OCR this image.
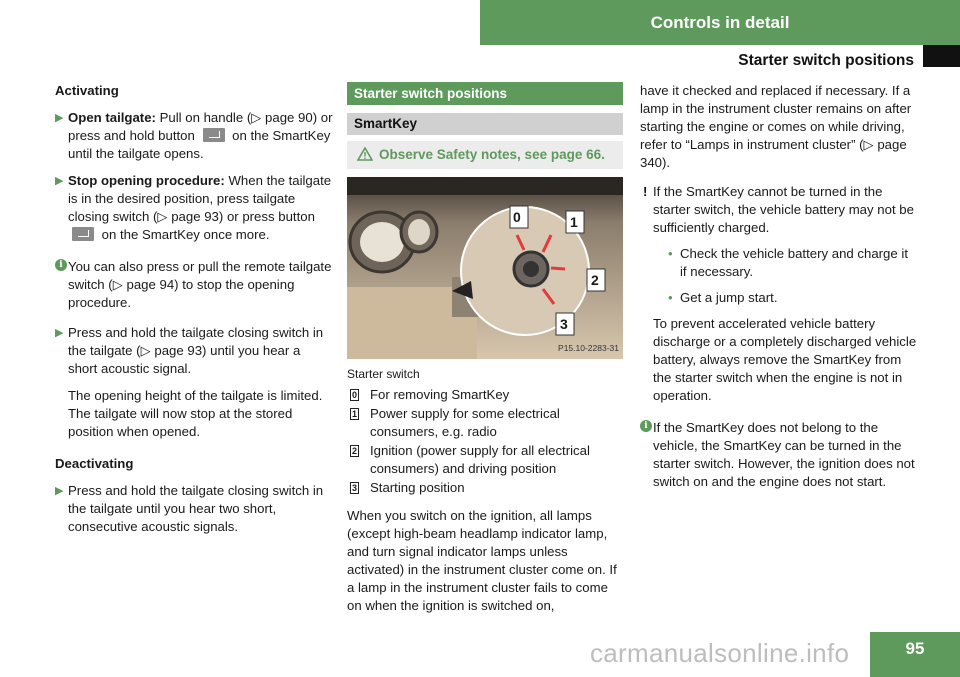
Controls in detail
Starter switch positions
Activating
▶ Open tailgate: Pull on handle (▷ page 90) or press and hold button  on the SmartKey until the tailgate opens.
▶ Stop opening procedure: When the tailgate is in the desired position, press tailgate closing switch (▷ page 93) or press button  on the SmartKey once more.
i You can also press or pull the remote tailgate switch (▷ page 94) to stop the opening procedure.
▶ Press and hold the tailgate closing switch in the tailgate (▷ page 93) until you hear a short acoustic signal.
The opening height of the tailgate is limited. The tailgate will now stop at the stored position when opened.
Deactivating
▶ Press and hold the tailgate closing switch in the tailgate until you hear two short, consecutive acoustic signals.
Starter switch positions
SmartKey
Observe Safety notes, see page 66.
0	1
2
3
P15.10-2283-31
Starter switch
0 For removing SmartKey
1 Power supply for some electrical consumers, e.g. radio
2 Ignition (power supply for all electrical consumers) and driving position
3 Starting position
When you switch on the ignition, all lamps (except high-beam headlamp indicator lamp, and turn signal indicator lamps unless activated) in the instrument cluster come on. If a lamp in the instrument cluster fails to come on when the ignition is switched on,
have it checked and replaced if necessary. If a lamp in the instrument cluster remains on after starting the engine or comes on while driving, refer to “Lamps in instrument cluster” (▷ page 340).
! If the SmartKey cannot be turned in the starter switch, the vehicle battery may not be sufficiently charged.
• Check the vehicle battery and charge it if necessary.
• Get a jump start.
To prevent accelerated vehicle battery discharge or a completely discharged vehicle battery, always remove the SmartKey from the starter switch when the engine is not in operation.
i If the SmartKey does not belong to the vehicle, the SmartKey can be turned in the starter switch. However, the ignition does not switch on and the engine does not start.
carmanualsonline.info	95
